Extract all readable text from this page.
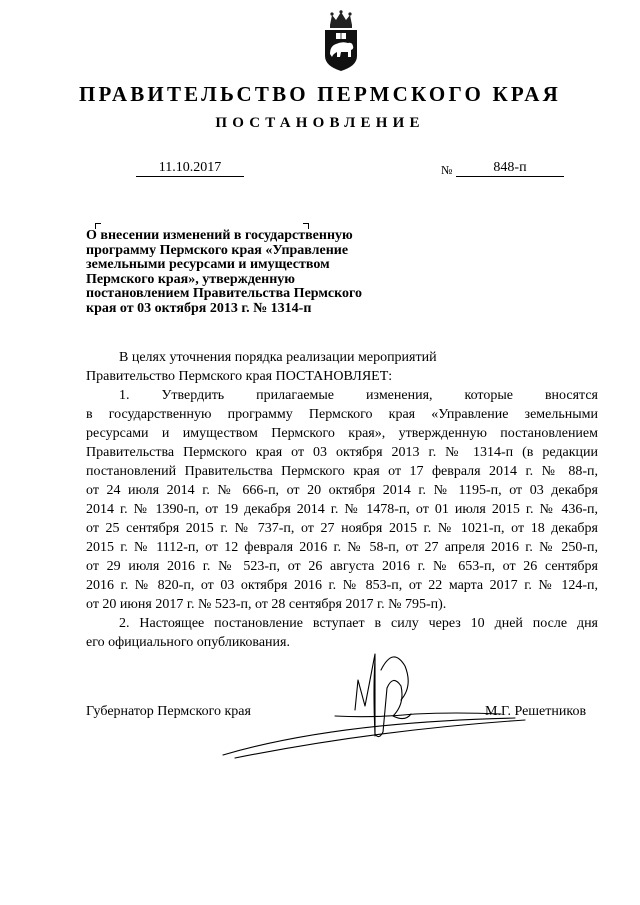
ПРАВИТЕЛЬСТВО ПЕРМСКОГО КРАЯ
ПОСТАНОВЛЕНИЕ
11.10.2017	№	848-п

О внесении изменений в государственную
программу Пермского края «Управление
земельными ресурсами и имуществом
Пермского края», утвержденную
постановлением Правительства Пермского
края от 03 октября 2013 г. № 1314-п

В целях уточнения порядка реализации мероприятий
Правительство Пермского края ПОСТАНОВЛЯЕТ:
1. Утвердить прилагаемые изменения, которые вносятся
в государственную программу Пермского края «Управление земельными
ресурсами и имуществом Пермского края», утвержденную постановлением
Правительства Пермского края от 03 октября 2013 г. № 1314-п (в редакции
постановлений Правительства Пермского края от 17 февраля 2014 г. № 88-п,
от 24 июля 2014 г. № 666-п, от 20 октября 2014 г. № 1195-п, от 03 декабря
2014 г. № 1390-п, от 19 декабря 2014 г. № 1478-п, от 01 июля 2015 г. № 436-п,
от 25 сентября 2015 г. № 737-п, от 27 ноября 2015 г. № 1021-п, от 18 декабря
2015 г. № 1112-п, от 12 февраля 2016 г. № 58-п, от 27 апреля 2016 г. № 250-п,
от 29 июля 2016 г. № 523-п, от 26 августа 2016 г. № 653-п, от 26 сентября
2016 г. № 820-п, от 03 октября 2016 г. № 853-п, от 22 марта 2017 г. № 124-п,
от 20 июня 2017 г. № 523-п, от 28 сентября 2017 г. № 795-п).
2. Настоящее постановление вступает в силу через 10 дней после дня
его официального опубликования.
Губернатор Пермского края	М.Г. Решетников
